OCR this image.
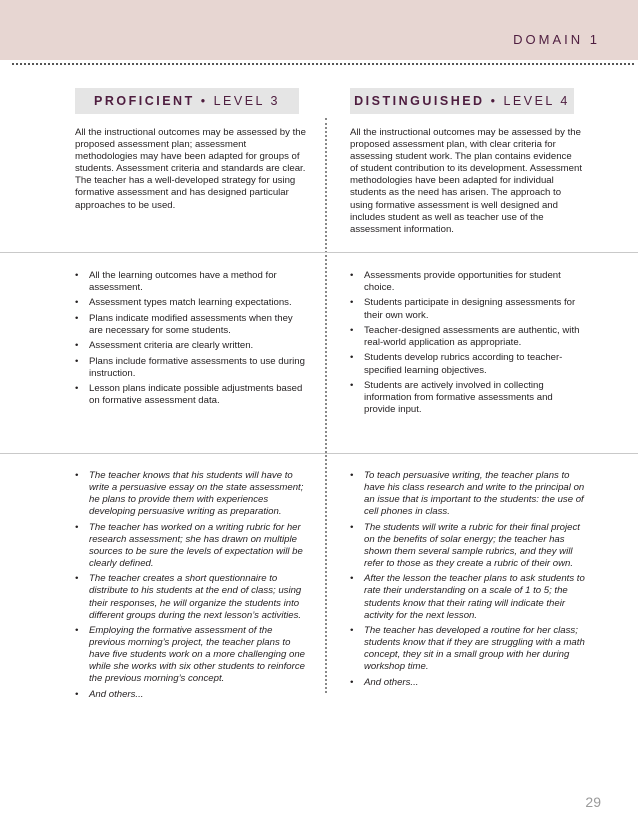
DOMAIN 1
PROFICIENT • LEVEL 3	DISTINGUISHED • LEVEL 4
All the instructional outcomes may be assessed by the proposed assessment plan; assessment methodologies may have been adapted for groups of students. Assessment criteria and standards are clear. The teacher has a well-developed strategy for using formative assessment and has designed particular approaches to be used.
All the instructional outcomes may be assessed by the proposed assessment plan, with clear criteria for assessing student work. The plan contains evidence of student contribution to its development. Assessment methodologies have been adapted for individual students as the need has arisen. The approach to using formative assessment is well designed and includes student as well as teacher use of the assessment information.
• All the learning outcomes have a method for assessment.
• Assessment types match learning expectations.
• Plans indicate modified assessments when they are necessary for some students.
• Assessment criteria are clearly written.
• Plans include formative assessments to use during instruction.
• Lesson plans indicate possible adjustments based on formative assessment data.
• Assessments provide opportunities for student choice.
• Students participate in designing assessments for their own work.
• Teacher-designed assessments are authentic, with real-world application as appropriate.
• Students develop rubrics according to teacher-specified learning objectives.
• Students are actively involved in collecting information from formative assessments and provide input.
• The teacher knows that his students will have to write a persuasive essay on the state assessment; he plans to provide them with experiences developing persuasive writing as preparation.
• The teacher has worked on a writing rubric for her research assessment; she has drawn on multiple sources to be sure the levels of expectation will be clearly defined.
• The teacher creates a short questionnaire to distribute to his students at the end of class; using their responses, he will organize the students into different groups during the next lesson’s activities.
• Employing the formative assessment of the previous morning’s project, the teacher plans to have five students work on a more challenging one while she works with six other students to reinforce the previous morning’s concept.
• And others...
• To teach persuasive writing, the teacher plans to have his class research and write to the principal on an issue that is important to the students: the use of cell phones in class.
• The students will write a rubric for their final project on the benefits of solar energy; the teacher has shown them several sample rubrics, and they will refer to those as they create a rubric of their own.
• After the lesson the teacher plans to ask students to rate their understanding on a scale of 1 to 5; the students know that their rating will indicate their activity for the next lesson.
• The teacher has developed a routine for her class; students know that if they are struggling with a math concept, they sit in a small group with her during workshop time.
• And others...
29
